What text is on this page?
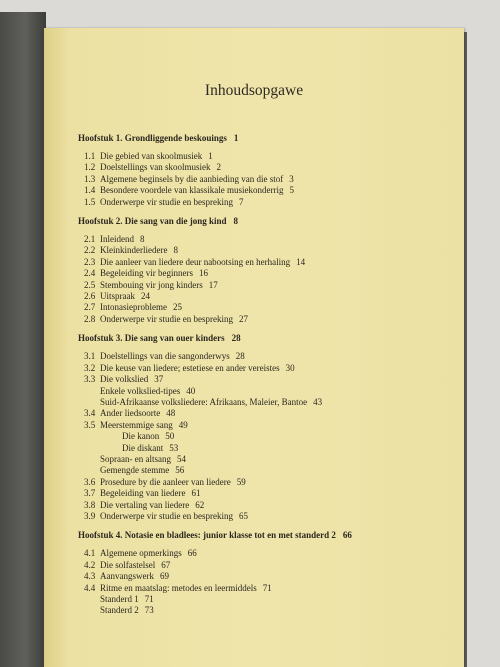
Inhoudsopgawe
Hoofstuk 1. Grondliggende beskouings 1
1.1 Die gebied van skoolmusiek 1
1.2 Doelstellings van skoolmusiek 2
1.3 Algemene beginsels by die aanbieding van die stof 3
1.4 Besondere voordele van klassikale musiekonderrig 5
1.5 Onderwerpe vir studie en bespreking 7
Hoofstuk 2. Die sang van die jong kind 8
2.1 Inleidend 8
2.2 Kleinkinderliedere 8
2.3 Die aanleer van liedere deur nabootsing en herhaling 14
2.4 Begeleiding vir beginners 16
2.5 Stembouing vir jong kinders 17
2.6 Uitspraak 24
2.7 Intonasieprobleme 25
2.8 Onderwerpe vir studie en bespreking 27
Hoofstuk 3. Die sang van ouer kinders 28
3.1 Doelstellings van die sangonderwys 28
3.2 Die keuse van liedere; estetiese en ander vereistes 30
3.3 Die volkslied 37
Enkele volkslied-tipes 40
Suid-Afrikaanse volksliedere: Afrikaans, Maleier, Bantoe 43
3.4 Ander liedsoorte 48
3.5 Meerstemmige sang 49
Die kanon 50
Die diskant 53
Sopraan- en altsang 54
Gemengde stemme 56
3.6 Prosedure by die aanleer van liedere 59
3.7 Begeleiding van liedere 61
3.8 Die vertaling van liedere 62
3.9 Onderwerpe vir studie en bespreking 65
Hoofstuk 4. Notasie en bladlees: junior klasse tot en met standerd 2 66
4.1 Algemene opmerkings 66
4.2 Die solfastelsel 67
4.3 Aanvangswerk 69
4.4 Ritme en maatslag: metodes en leermiddels 71
Standerd 1 71
Standerd 2 73
